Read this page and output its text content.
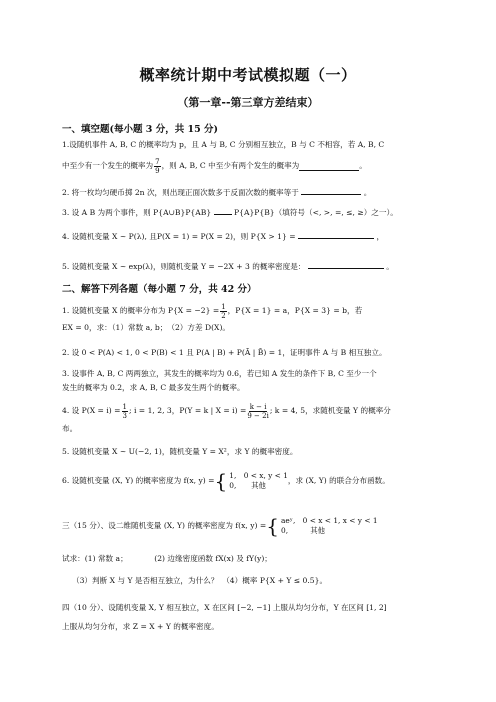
概率统计期中考试模拟题（一）
（第一章--第三章方差结束）
一、填空题(每小题 3 分，共 15 分)
1.设随机事件 A, B, C 的概率均为 p，且 A 与 B, C 分别相互独立，B 与 C 不相容，若 A, B, C
中至少有一个发生的概率为 $\frac{7}{9}$ ，则 A, B, C 中至少有两个发生的概率为	。
2. 将一枚均匀硬币掷 2n 次，则出现正面次数多于反面次数的概率等于	。
3. 设 A B 为两个事件，则 P{A∪B}P{AB}	P{A}P{B}（填符号（<, >, =, ≤, ≥）之一）。
4. 设随机变量 X ~ P(λ), 且P(X = 1) = P(X = 2)，则 P{X > 1} =	，
5. 设随机变量 X ~ exp(λ)，则随机变量 Y = −2X + 3 的概率密度是：	。
二、解答下列各题（每小题 7 分，共 42 分）
1. 设随机变量 X 的概率分布为 $P\{X = -2\} = \frac{1}{2}$ ，P{X = 1} = a，P{X = 3} = b，若
EX = 0，求：（1）常数 a, b；　（2）方差 D(X)。
2. 设 0 < P(A) < 1, 0 < P(B) < 1 且 P(A | B) + P(Ā | B̄) = 1，证明事件 A 与 B 相互独立。
3. 设事件 A, B, C 两两独立，其发生的概率均为 0.6，若已知 A 发生的条件下 B, C 至少一个
发生的概率为 0.2，求 A, B, C 最多发生两个的概率。
4. 设 $P(X = i) = \frac{1}{3}$ ; i = 1, 2, 3，P(Y = k | $X = i) = \frac{k - i}{9 - 2i}$ ; k = 4, 5，求随机变量 Y 的概率分
布。
5. 设随机变量 X ~ U(−2, 1)，随机变量 Y = X²，求 Y 的概率密度。
6. 设随机变量 (X, Y) 的概率密度为 f(x, y) = { 1,　0 < x, y < 1
0,　　其他
，求 (X, Y) 的联合分布函数。
三（15 分）、设二维随机变量 (X, Y) 的概率密度为 f(x, y) = { aeʸ,　0 < x < 1, x < y < 1
0,　　　其他
试求：(1) 常数 a；　　　　(2) 边缘密度函数 fX(x) 及 fY(y)；
（3）判断 X 与 Y 是否相互独立，为什么？　（4）概率 P{X + Y ≤ 0.5}。
四（10 分）、设随机变量 X, Y 相互独立，X 在区间 [−2, −1] 上服从均匀分布，Y 在区间 [1, 2]
上服从均匀分布，求 Z = X + Y 的概率密度。
